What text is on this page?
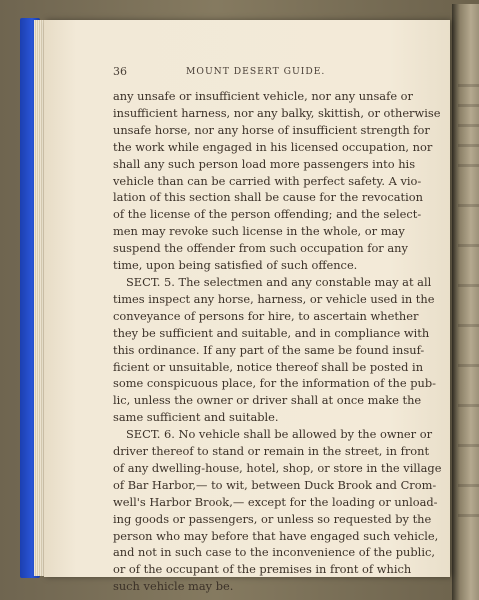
36	MOUNT DESERT GUIDE.
any unsafe or insufficient vehicle, nor any unsafe or
insufficient harness, nor any balky, skittish, or otherwise
unsafe horse, nor any horse of insufficient strength for
the work while engaged in his licensed occupation, nor
shall any such person load more passengers into his
vehicle than can be carried with perfect safety. A vio-
lation of this section shall be cause for the revocation
of the license of the person offending; and the select-
men may revoke such license in the whole, or may
suspend the offender from such occupation for any
time, upon being satisfied of such offence.
SECT. 5. The selectmen and any constable may at all
times inspect any horse, harness, or vehicle used in the
conveyance of persons for hire, to ascertain whether
they be sufficient and suitable, and in compliance with
this ordinance. If any part of the same be found insuf-
ficient or unsuitable, notice thereof shall be posted in
some conspicuous place, for the information of the pub-
lic, unless the owner or driver shall at once make the
same sufficient and suitable.
SECT. 6. No vehicle shall be allowed by the owner or
driver thereof to stand or remain in the street, in front
of any dwelling-house, hotel, shop, or store in the village
of Bar Harbor,— to wit, between Duck Brook and Crom-
well's Harbor Brook,— except for the loading or unload-
ing goods or passengers, or unless so requested by the
person who may before that have engaged such vehicle,
and not in such case to the inconvenience of the public,
or of the occupant of the premises in front of which
such vehicle may be.
